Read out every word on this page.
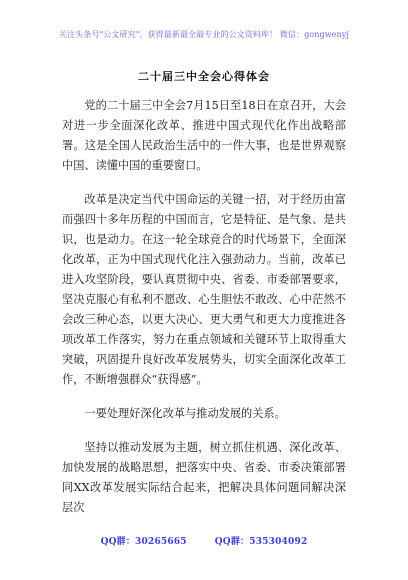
关注头条号"公文研究"，获得最新最全最专业的公文资料库！ 微信：gongwenyj
二十届三中全会心得体会

党的二十届三中全会7月15日至18日在京召开，大会对进一步全面深化改革、推进中国式现代化作出战略部署。这是全国人民政治生活中的一件大事，也是世界观察中国、读懂中国的重要窗口。

改革是决定当代中国命运的关键一招，对于经历由富而强四十多年历程的中国而言，它是特征、是气象、是共识，也是动力。在这一轮全球竞合的时代场景下，全面深化改革，正为中国式现代化注入强劲动力。当前，改革已进入攻坚阶段，要认真贯彻中央、省委、市委部署要求，坚决克服心有私利不愿改、心生胆怯不敢改、心中茫然不会改三种心态，以更大决心、更大勇气和更大力度推进各项改革工作落实，努力在重点领域和关键环节上取得重大突破，巩固提升良好改革发展势头，切实全面深化改革工作，不断增强群众“获得感”。

一要处理好深化改革与推动发展的关系。

坚持以推动发展为主题，树立抓住机遇、深化改革、加快发展的战略思想，把落实中央、省委、市委决策部署同XX改革发展实际结合起来，把解决具体问题同解决深层次

QQ群：30265665	QQ群：535304092
